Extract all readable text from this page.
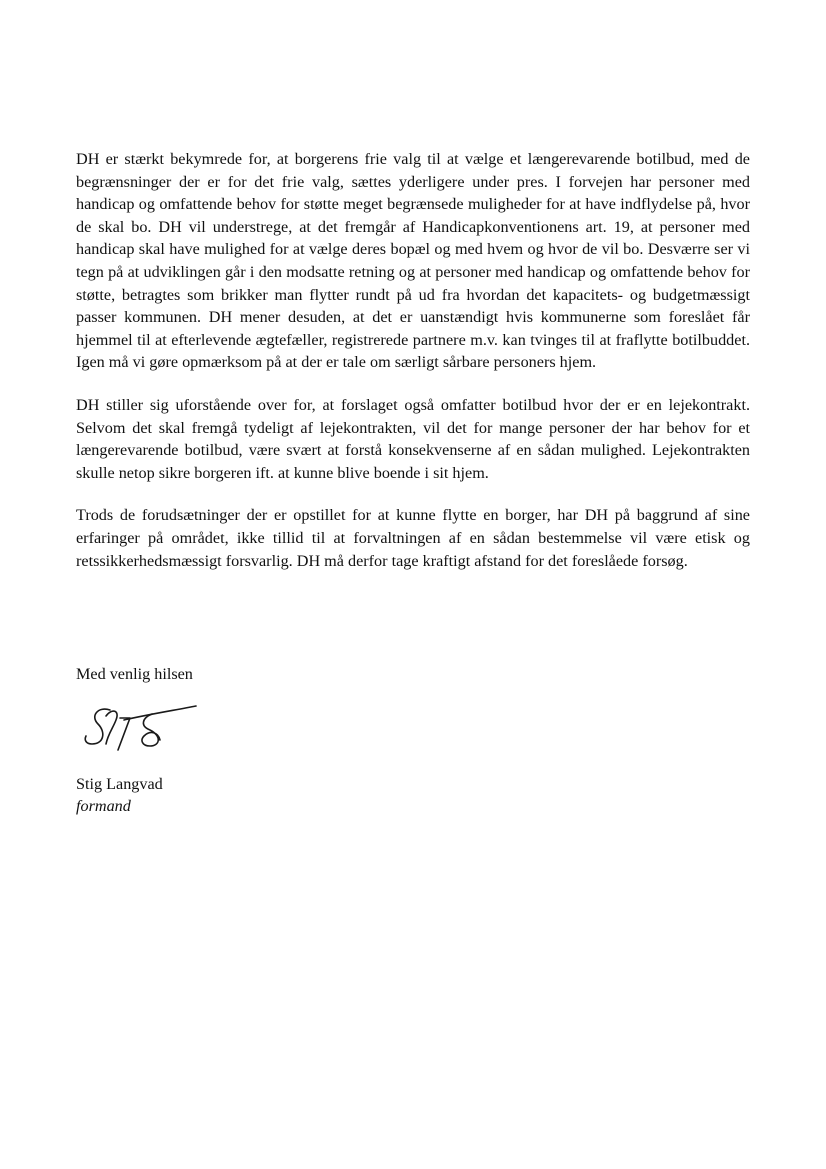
DH er stærkt bekymrede for, at borgerens frie valg til at vælge et længerevarende botilbud, med de begrænsninger der er for det frie valg, sættes yderligere under pres. I forvejen har personer med handicap og omfattende behov for støtte meget begrænsede muligheder for at have indflydelse på, hvor de skal bo. DH vil understrege, at det fremgår af Handicapkonventionens art. 19, at personer med handicap skal have mulighed for at vælge deres bopæl og med hvem og hvor de vil bo. Desværre ser vi tegn på at udviklingen går i den modsatte retning og at personer med handicap og omfattende behov for støtte, betragtes som brikker man flytter rundt på ud fra hvordan det kapacitets- og budgetmæssigt passer kommunen. DH mener desuden, at det er uanstændigt hvis kommunerne som foreslået får hjemmel til at efterlevende ægtefæller, registrerede partnere m.v. kan tvinges til at fraflytte botilbuddet. Igen må vi gøre opmærksom på at der er tale om særligt sårbare personers hjem.

DH stiller sig uforstående over for, at forslaget også omfatter botilbud hvor der er en lejekontrakt. Selvom det skal fremgå tydeligt af lejekontrakten, vil det for mange personer der har behov for et længerevarende botilbud, være svært at forstå konsekvenserne af en sådan mulighed. Lejekontrakten skulle netop sikre borgeren ift. at kunne blive boende i sit hjem.

Trods de forudsætninger der er opstillet for at kunne flytte en borger, har DH på baggrund af sine erfaringer på området, ikke tillid til at forvaltningen af en sådan bestemmelse vil være etisk og retssikkerhedsmæssigt forsvarlig. DH må derfor tage kraftigt afstand for det foreslåede forsøg.

Med venlig hilsen

Stig Langvad

formand
